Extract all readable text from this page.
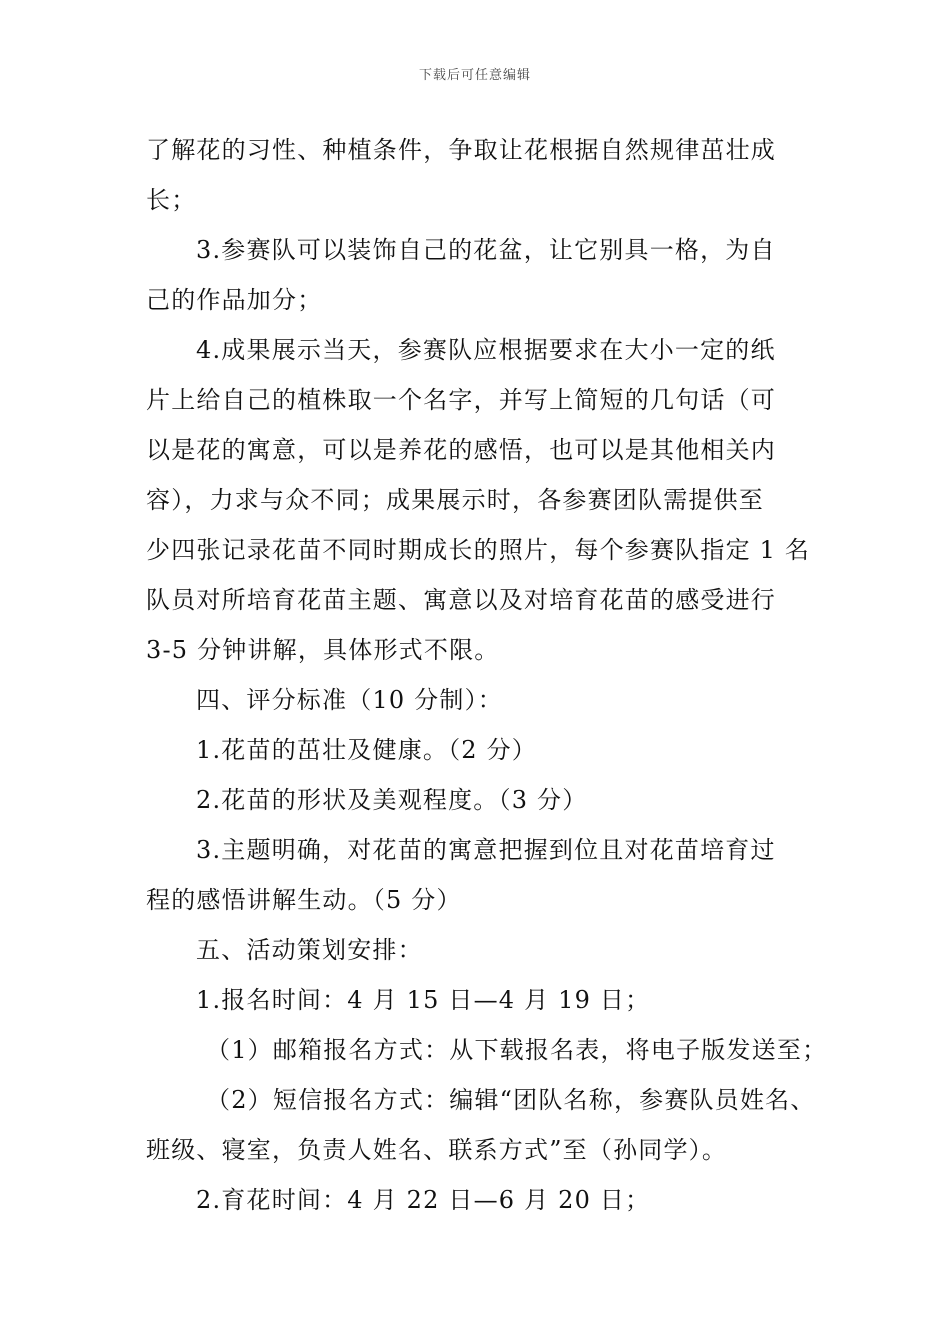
下载后可任意编辑
了解花的习性、种植条件，争取让花根据自然规律茁壮成
长；
3.参赛队可以装饰自己的花盆，让它别具一格，为自
己的作品加分；
4.成果展示当天，参赛队应根据要求在大小一定的纸
片上给自己的植株取一个名字，并写上简短的几句话（可
以是花的寓意，可以是养花的感悟，也可以是其他相关内
容），力求与众不同；成果展示时，各参赛团队需提供至
少四张记录花苗不同时期成长的照片，每个参赛队指定 1 名
队员对所培育花苗主题、寓意以及对培育花苗的感受进行
3-5 分钟讲解，具体形式不限。
四、评分标准（10 分制）：
1.花苗的茁壮及健康。（2 分）
2.花苗的形状及美观程度。（3 分）
3.主题明确，对花苗的寓意把握到位且对花苗培育过
程的感悟讲解生动。（5 分）
五、活动策划安排：
1.报名时间：4 月 15 日—4 月 19 日；
（1）邮箱报名方式：从下载报名表，将电子版发送至；
（2）短信报名方式：编辑“团队名称，参赛队员姓名、
班级、寝室，负责人姓名、联系方式”至（孙同学）。
2.育花时间：4 月 22 日—6 月 20 日；
